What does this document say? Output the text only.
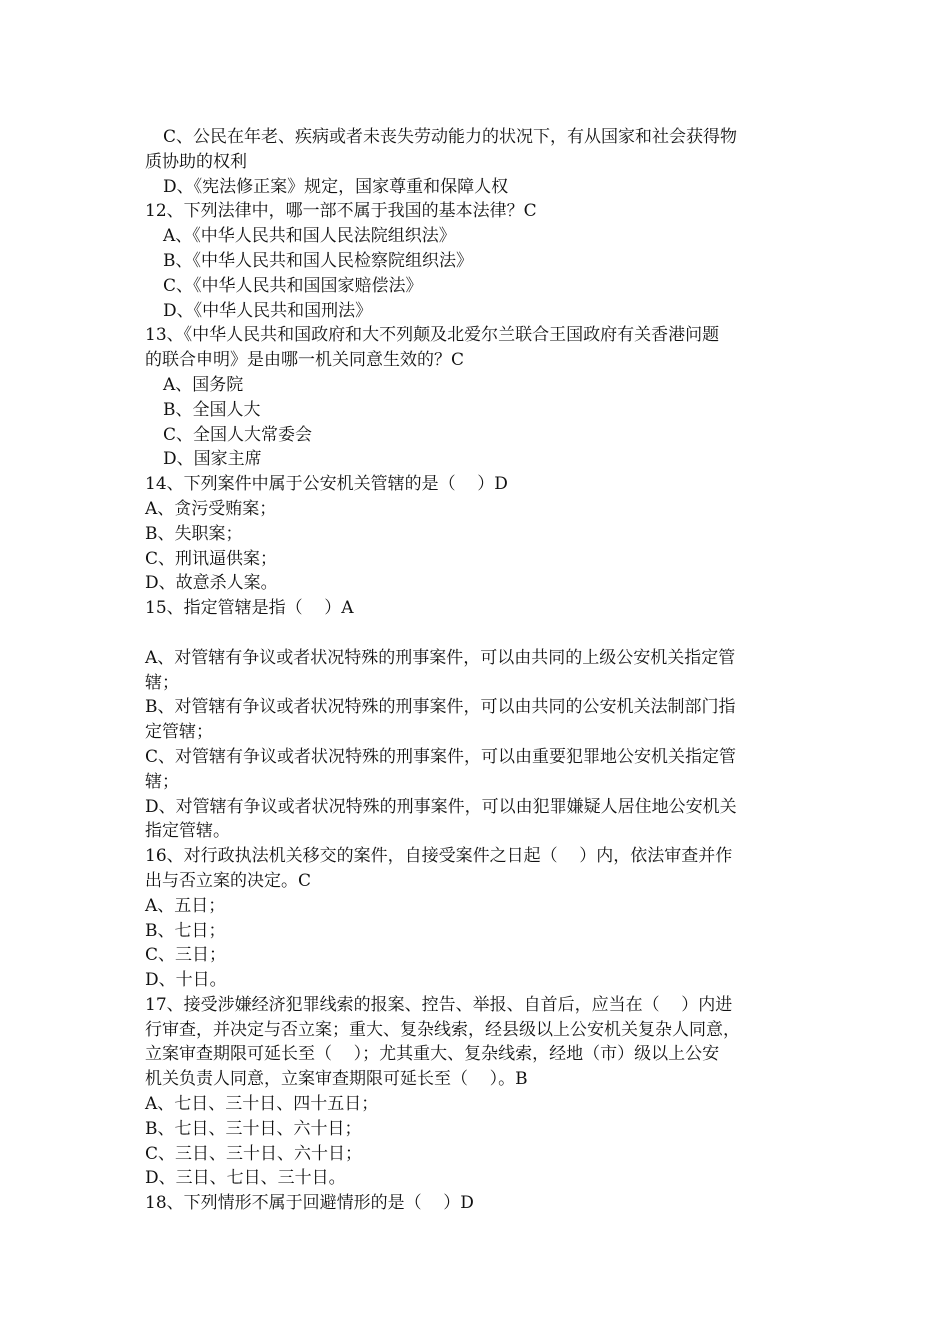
C、公民在年老、疾病或者未丧失劳动能力的状况下，有从国家和社会获得物
质协助的权利
D、《宪法修正案》规定，国家尊重和保障人权
12、下列法律中，哪一部不属于我国的基本法律？C
A、《中华人民共和国人民法院组织法》
B、《中华人民共和国人民检察院组织法》
C、《中华人民共和国国家赔偿法》
D、《中华人民共和国刑法》
13、《中华人民共和国政府和大不列颠及北爱尔兰联合王国政府有关香港问题
的联合申明》是由哪一机关同意生效的？C
A、国务院
B、全国人大
C、全国人大常委会
D、国家主席
14、下列案件中属于公安机关管辖的是（    ）D
A、贪污受贿案；
B、失职案；
C、刑讯逼供案；
D、故意杀人案。
15、指定管辖是指（    ）A
A、对管辖有争议或者状况特殊的刑事案件，可以由共同的上级公安机关指定管
辖；
B、对管辖有争议或者状况特殊的刑事案件，可以由共同的公安机关法制部门指
定管辖；
C、对管辖有争议或者状况特殊的刑事案件，可以由重要犯罪地公安机关指定管
辖；
D、对管辖有争议或者状况特殊的刑事案件，可以由犯罪嫌疑人居住地公安机关
指定管辖。
16、对行政执法机关移交的案件，自接受案件之日起（    ）内，依法审查并作
出与否立案的决定。C
A、五日；
B、七日；
C、三日；
D、十日。
17、接受涉嫌经济犯罪线索的报案、控告、举报、自首后，应当在（    ）内进
行审查，并决定与否立案；重大、复杂线索，经县级以上公安机关复杂人同意，
立案审查期限可延长至（    ）；尤其重大、复杂线索，经地（市）级以上公安
机关负责人同意，立案审查期限可延长至（    ）。B
A、七日、三十日、四十五日；
B、七日、三十日、六十日；
C、三日、三十日、六十日；
D、三日、七日、三十日。
18、下列情形不属于回避情形的是（    ）D
